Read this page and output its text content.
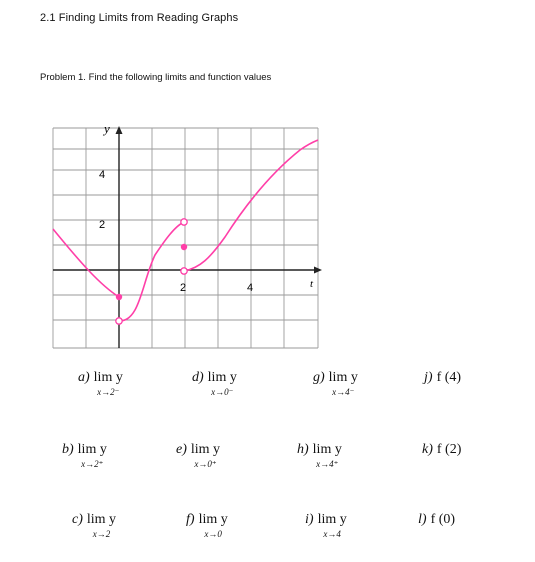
2.1 Finding Limits from Reading Graphs
Problem 1. Find the following limits and function values
y
t
2	4
4
2
a) lim y
x→2⁻
b) lim y
x→2⁺
c) lim y
x→2
d) lim y
x→0⁻
e) lim y
x→0⁺
f) lim y
x→0
g) lim y
x→4⁻
h) lim y
x→4⁺
i) lim y
x→4
j) f (4)
k) f (2)
l) f (0)
